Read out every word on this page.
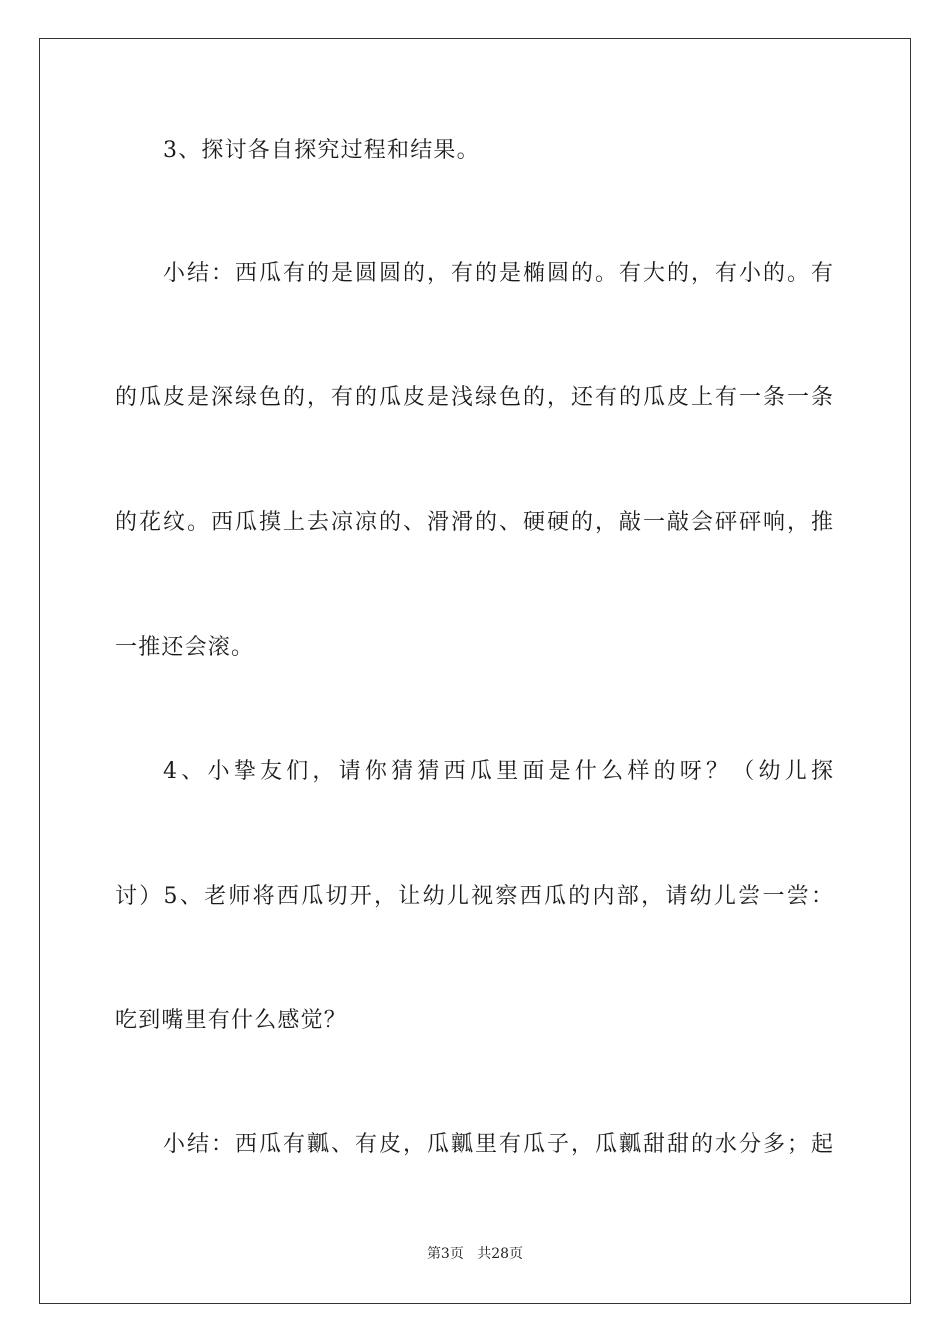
3、探讨各自探究过程和结果。
小结：西瓜有的是圆圆的，有的是椭圆的。有大的，有小的。有
的瓜皮是深绿色的，有的瓜皮是浅绿色的，还有的瓜皮上有一条一条
的花纹。西瓜摸上去凉凉的、滑滑的、硬硬的，敲一敲会砰砰响，推
一推还会滚。
4、小挚友们，请你猜猜西瓜里面是什么样的呀？（幼儿探
讨）5、老师将西瓜切开，让幼儿视察西瓜的内部，请幼儿尝一尝：
吃到嘴里有什么感觉？
小结：西瓜有瓤、有皮，瓜瓤里有瓜子，瓜瓤甜甜的水分多；起
第3页 共28页
